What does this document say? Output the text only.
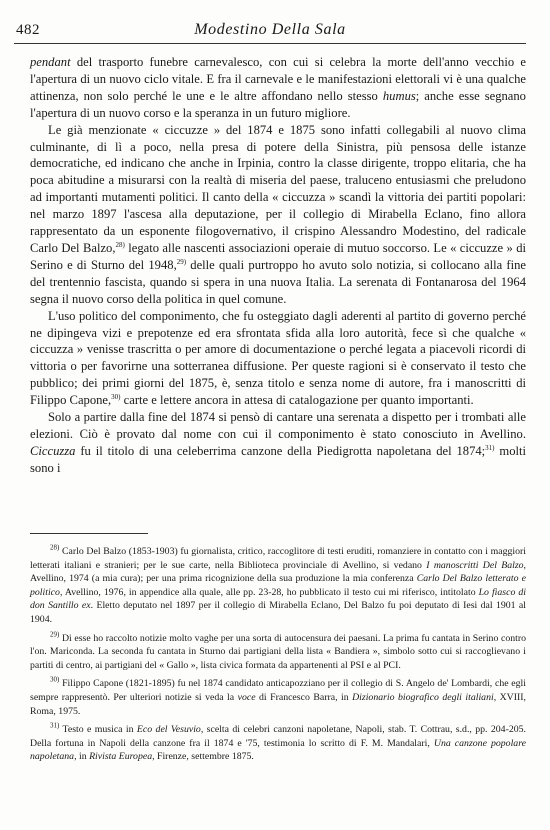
482	Modestino Della Sala

pendant del trasporto funebre carnevalesco, con cui si celebra la morte dell'anno vecchio e l'apertura di un nuovo ciclo vitale. E fra il carnevale e le manifestazioni elettorali vi è una qualche attinenza, non solo perché le une e le altre affondano nello stesso humus; anche esse segnano l'apertura di un nuovo corso e la speranza in un futuro migliore.

Le già menzionate « ciccuzze » del 1874 e 1875 sono infatti collegabili al nuovo clima culminante, di lì a poco, nella presa di potere della Sinistra, più pensosa delle istanze democratiche, ed indicano che anche in Irpinia, contro la classe dirigente, troppo elitaria, che ha poca abitudine a misurarsi con la realtà di miseria del paese, traluceno entusiasmi che preludono ad importanti mutamenti politici. Il canto della « ciccuzza » scandì la vittoria dei partiti popolari: nel marzo 1897 l'ascesa alla deputazione, per il collegio di Mirabella Eclano, fino allora rappresentato da un esponente filogovernativo, il crispino Alessandro Modestino, del radicale Carlo Del Balzo,$^{28)}$ legato alle nascenti associazioni operaie di mutuo soccorso. Le « ciccuzze » di Serino e di Sturno del 1948,$^{29)}$ delle quali purtroppo ho avuto solo notizia, si collocano alla fine del trentennio fascista, quando si spera in una nuova Italia. La serenata di Fontanarosa del 1964 segna il nuovo corso della politica in quel comune.

L'uso politico del componimento, che fu osteggiato dagli aderenti al partito di governo perché ne dipingeva vizi e prepotenze ed era sfrontata sfida alla loro autorità, fece sì che qualche « ciccuzza » venisse trascritta o per amore di documentazione o perché legata a piacevoli ricordi di vittoria o per favorirne una sotterranea diffusione. Per queste ragioni si è conservato il testo che pubblico; dei primi giorni del 1875, è, senza titolo e senza nome di autore, fra i manoscritti di Filippo Capone,$^{30)}$ carte e lettere ancora in attesa di catalogazione per quanto importanti.

Solo a partire dalla fine del 1874 si pensò di cantare una serenata a dispetto per i trombati alle elezioni. Ciò è provato dal nome con cui il componimento è stato conosciuto in Avellino. Ciccuzza fu il titolo di una celeberrima canzone della Piedigrotta napoletana del 1874;$^{31)}$ molti sono i

$^{28)}$ Carlo Del Balzo (1853-1903) fu giornalista, critico, raccoglitore di testi eruditi, romanziere in contatto con i maggiori letterati italiani e stranieri; per le sue carte, nella Biblioteca provinciale di Avellino, si vedano I manoscritti Del Balzo, Avellino, 1974 (a mia cura); per una prima ricognizione della sua produzione la mia conferenza Carlo Del Balzo letterato e politico, Avellino, 1976, in appendice alla quale, alle pp. 23-28, ho pubblicato il testo cui mi riferisco, intitolato Lo fiasco di don Santillo ex. Eletto deputato nel 1897 per il collegio di Mirabella Eclano, Del Balzo fu poi deputato di Iesi dal 1901 al 1904.

$^{29)}$ Di esse ho raccolto notizie molto vaghe per una sorta di autocensura dei paesani. La prima fu cantata in Serino contro l'on. Mariconda. La seconda fu cantata in Sturno dai partigiani della lista « Bandiera », simbolo sotto cui si raccoglievano i partiti di centro, ai partigiani del « Gallo », lista civica formata da appartenenti al PSI e al PCI.

$^{30)}$ Filippo Capone (1821-1895) fu nel 1874 candidato anticapozziano per il collegio di S. Angelo de' Lombardi, che egli sempre rappresentò. Per ulteriori notizie si veda la voce di Francesco Barra, in Dizionario biografico degli italiani, XVIII, Roma, 1975.

$^{31)}$ Testo e musica in Eco del Vesuvio, scelta di celebri canzoni napoletane, Napoli, stab. T. Cottrau, s.d., pp. 204-205. Della fortuna in Napoli della canzone fra il 1874 e '75, testimonia lo scritto di F. M. Mandalari, Una canzone popolare napoletana, in Rivista Europea, Firenze, settembre 1875.
